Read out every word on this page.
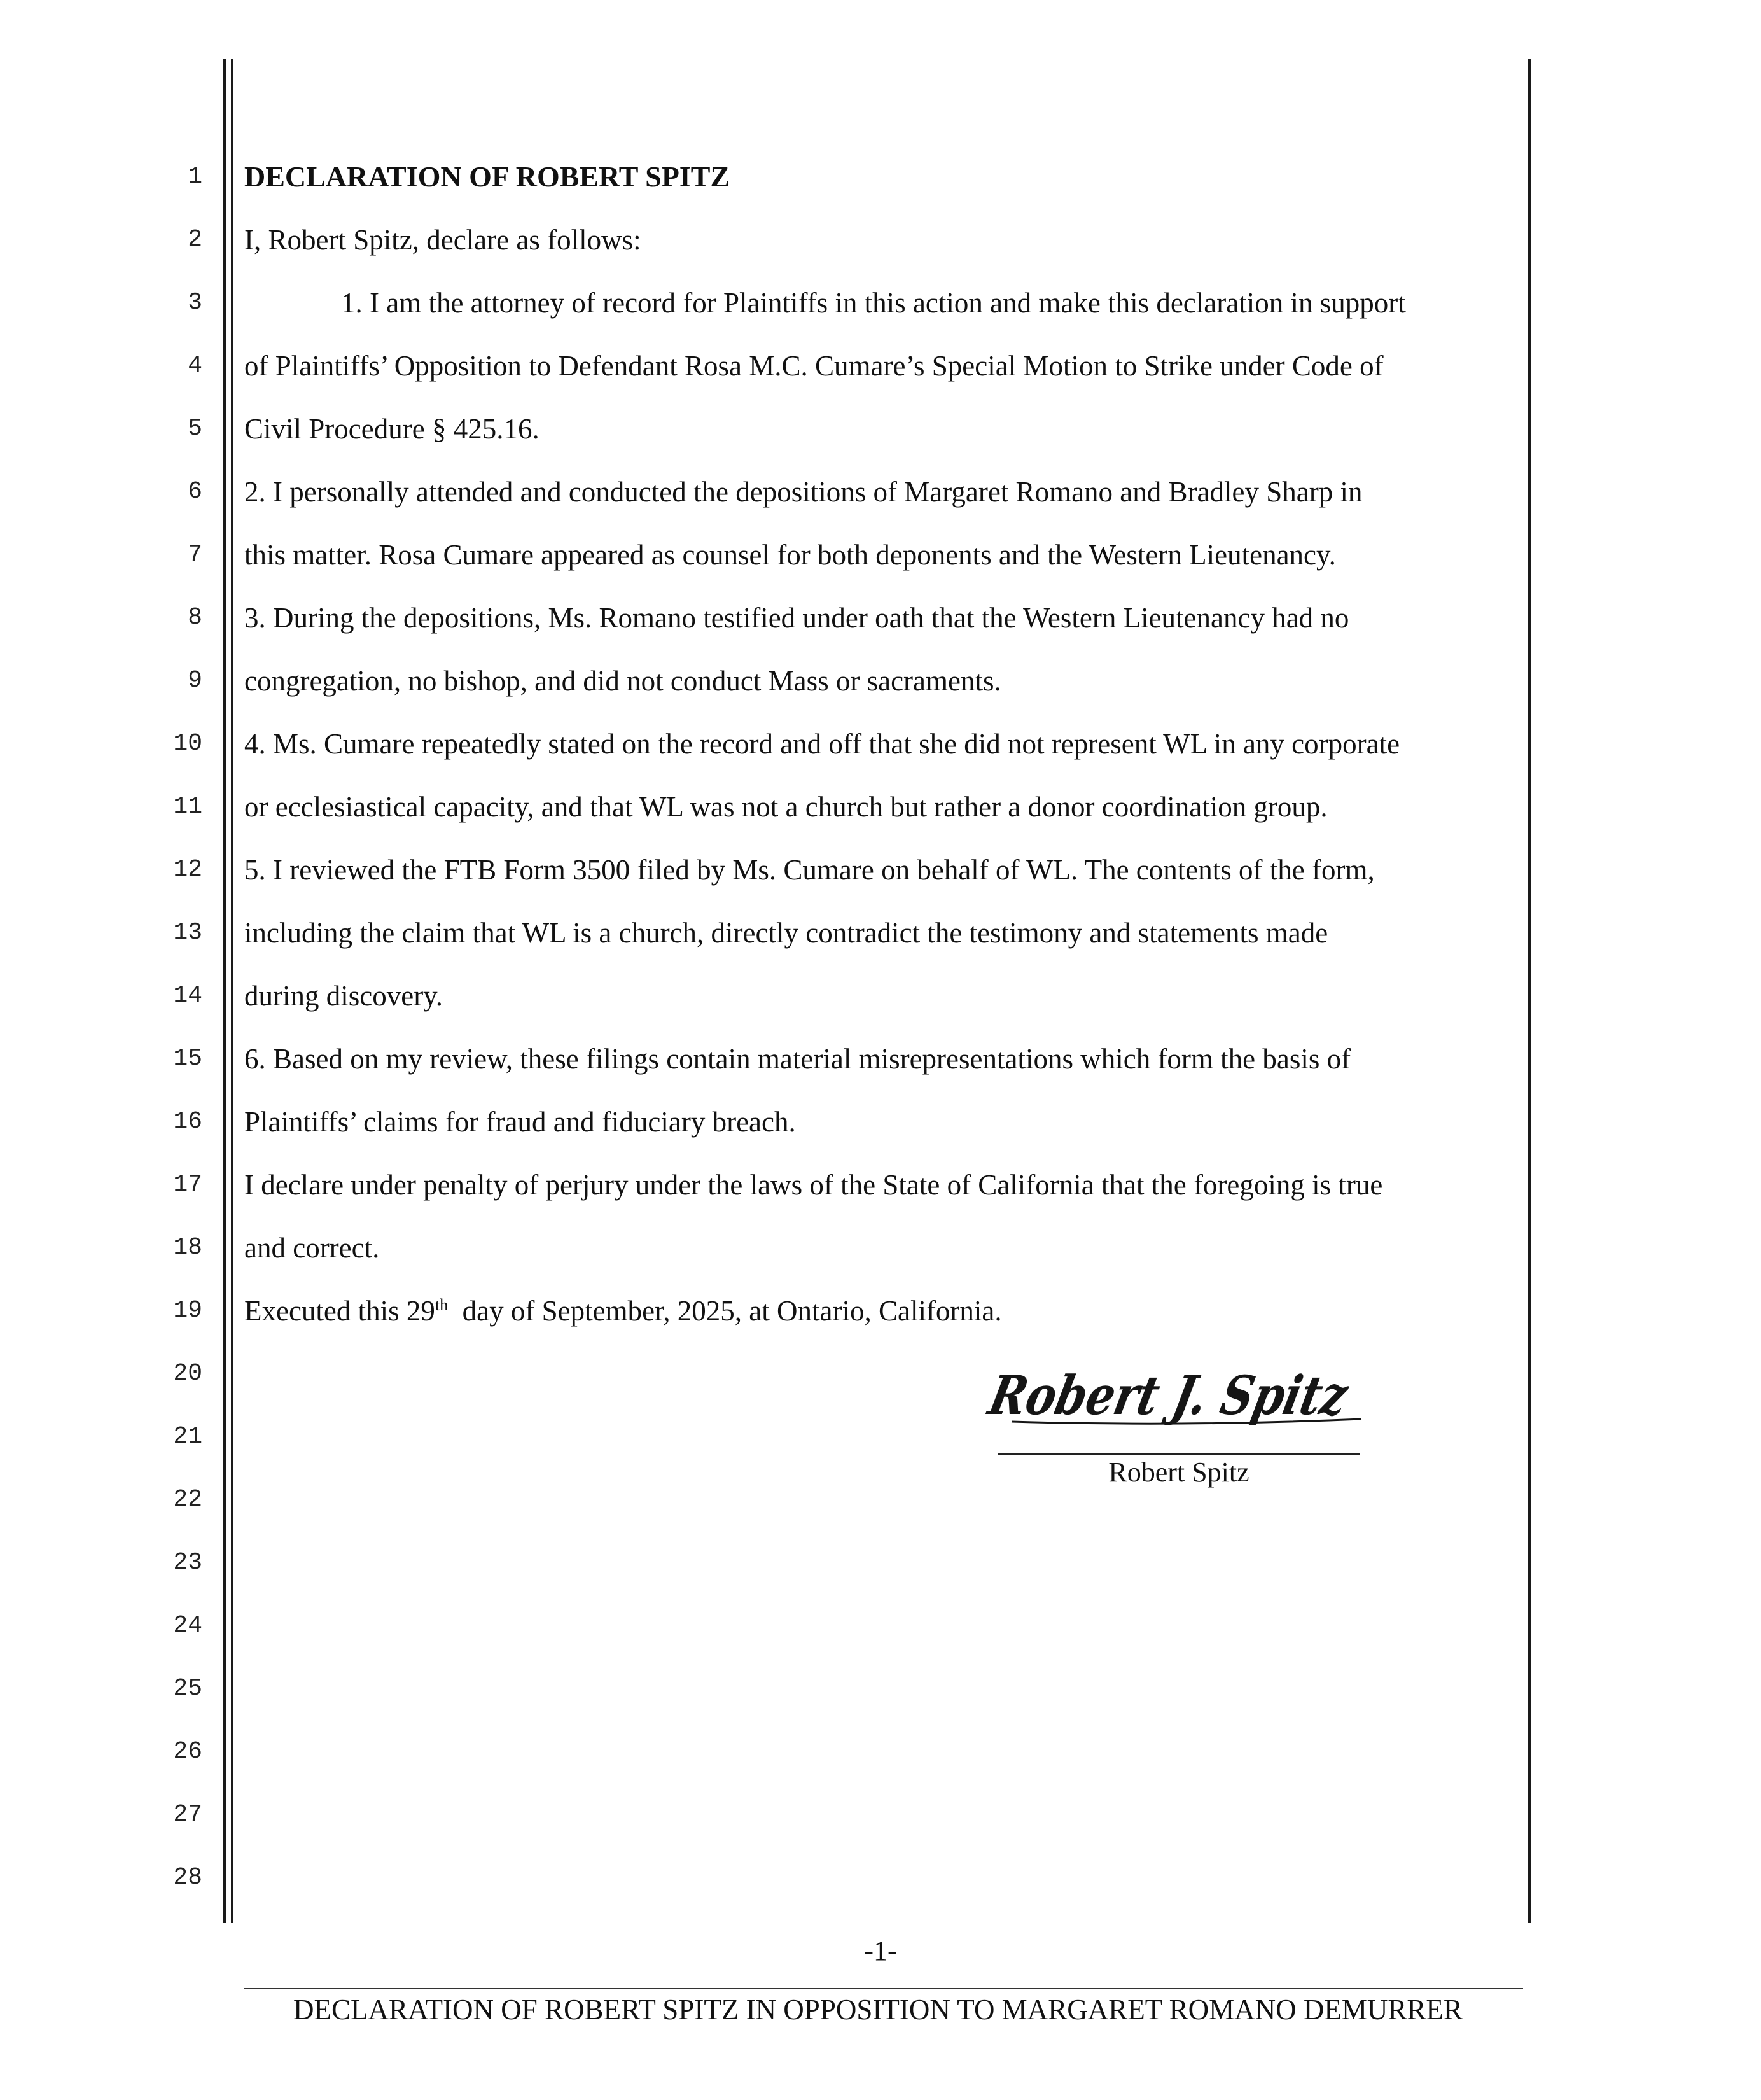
1
2
3
4
5
6
7
8
9
10
11
12
13
14
15
16
17
18
19
20
21
22
23
24
25
26
27
28
DECLARATION OF ROBERT SPITZ
I, Robert Spitz, declare as follows:
1. I am the attorney of record for Plaintiffs in this action and make this declaration in support
of Plaintiffs’ Opposition to Defendant Rosa M.C. Cumare’s Special Motion to Strike under Code of
Civil Procedure § 425.16.
2. I personally attended and conducted the depositions of Margaret Romano and Bradley Sharp in
this matter. Rosa Cumare appeared as counsel for both deponents and the Western Lieutenancy.
3. During the depositions, Ms. Romano testified under oath that the Western Lieutenancy had no
congregation, no bishop, and did not conduct Mass or sacraments.
4. Ms. Cumare repeatedly stated on the record and off that she did not represent WL in any corporate
or ecclesiastical capacity, and that WL was not a church but rather a donor coordination group.
5. I reviewed the FTB Form 3500 filed by Ms. Cumare on behalf of WL. The contents of the form,
including the claim that WL is a church, directly contradict the testimony and statements made
during discovery.
6. Based on my review, these filings contain material misrepresentations which form the basis of
Plaintiffs’ claims for fraud and fiduciary breach.
I declare under penalty of perjury under the laws of the State of California that the foregoing is true
and correct.
Executed this 29th  day of September, 2025, at Ontario, California.
Robert J. Spitz
Robert Spitz
-1-
DECLARATION OF ROBERT SPITZ IN OPPOSITION TO MARGARET ROMANO DEMURRER
